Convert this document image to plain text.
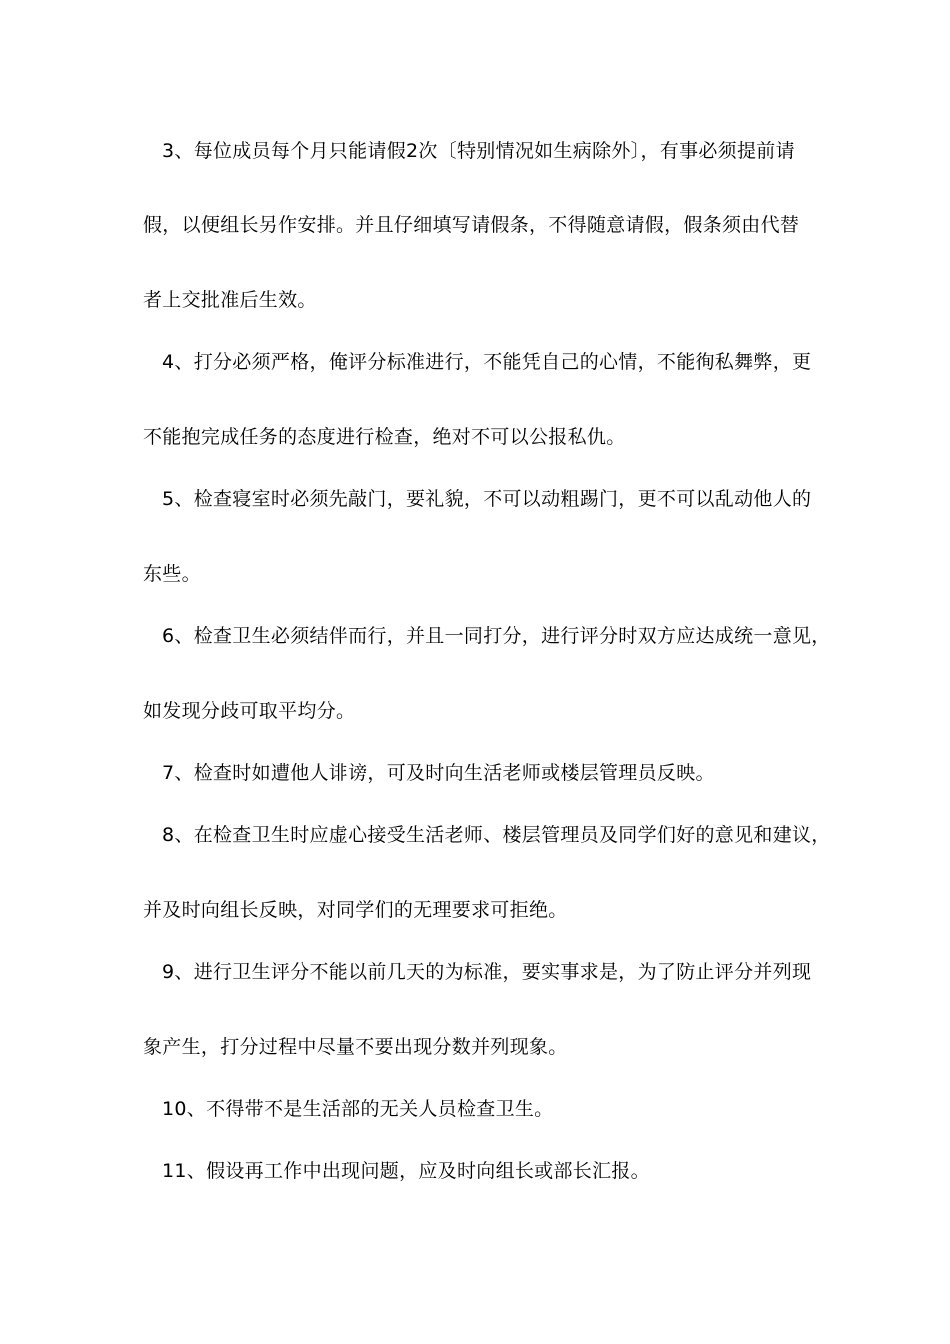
3、每位成员每个月只能请假2次〔特别情况如生病除外〕，有事必须提前请
假，以便组长另作安排。并且仔细填写请假条，不得随意请假，假条须由代替
者上交批准后生效。
4、打分必须严格，俺评分标准进行，不能凭自己的心情，不能徇私舞弊，更
不能抱完成任务的态度进行检查，绝对不可以公报私仇。
5、检查寝室时必须先敲门，要礼貌，不可以动粗踢门，更不可以乱动他人的
东些。
6、检查卫生必须结伴而行，并且一同打分，进行评分时双方应达成统一意见，
如发现分歧可取平均分。
7、检查时如遭他人诽谤，可及时向生活老师或楼层管理员反映。
8、在检查卫生时应虚心接受生活老师、楼层管理员及同学们好的意见和建议，
并及时向组长反映，对同学们的无理要求可拒绝。
9、进行卫生评分不能以前几天的为标准，要实事求是，为了防止评分并列现
象产生，打分过程中尽量不要出现分数并列现象。
10、不得带不是生活部的无关人员检查卫生。
11、假设再工作中出现问题，应及时向组长或部长汇报。
